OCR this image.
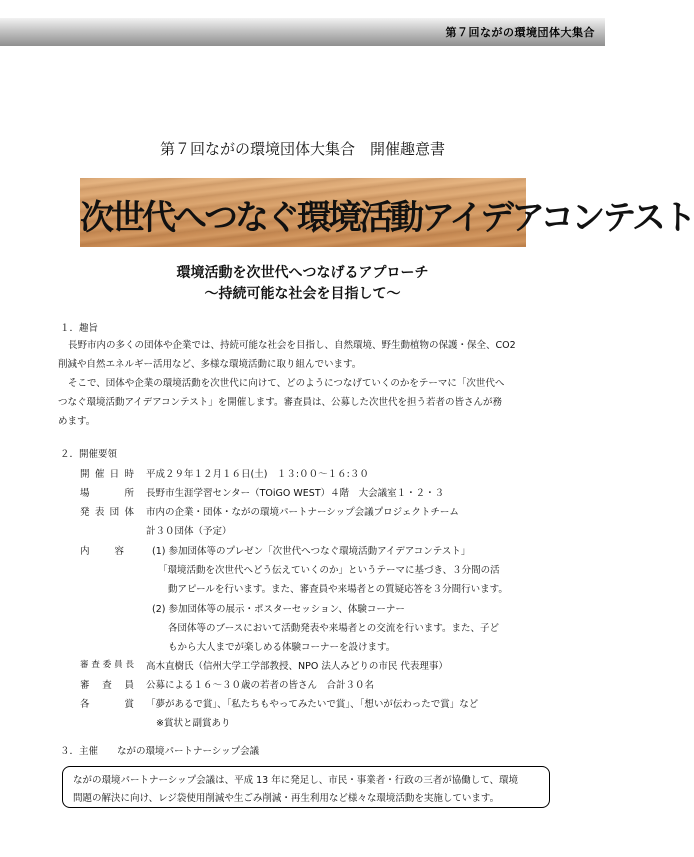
第７回ながの環境団体大集合
第７回ながの環境団体大集合　開催趣意書
次世代へつなぐ環境活動アイデアコンテスト
環境活動を次世代へつなげるアプローチ
～持続可能な社会を目指して～
１．趣旨
長野市内の多くの団体や企業では、持続可能な社会を目指し、自然環境、野生動植物の保護・保全、CO2
削減や自然エネルギー活用など、多様な環境活動に取り組んでいます。
そこで、団体や企業の環境活動を次世代に向けて、どのようにつなげていくのかをテーマに「次世代へ
つなぐ環境活動アイデアコンテスト」を開催します。審査員は、公募した次世代を担う若者の皆さんが務
めます。
２．開催要領
開 催 日 時 平成２９年１２月１６日(土)　１３:００～１６:３０
場	所 長野市生涯学習センター（TOiGO WEST）４階　大会議室１・２・３
発 表 団 体 市内の企業・団体・ながの環境パートナーシップ会議プロジェクトチーム
計３０団体（予定）
内	容	(1) 参加団体等のプレゼン「次世代へつなぐ環境活動アイデアコンテスト」
「環境活動を次世代へどう伝えていくのか」というテーマに基づき、３分間の活
動アピールを行います。また、審査員や来場者との質疑応答を３分間行います。
(2) 参加団体等の展示・ポスターセッション、体験コーナー
各団体等のブースにおいて活動発表や来場者との交流を行います。また、子ど
もから大人までが楽しめる体験コーナーを設けます。
審 査 委 員 長 高木直樹氏（信州大学工学部教授、NPO 法人みどりの市民 代表理事）
審 査 員 公募による１６～３０歳の若者の皆さん　合計３０名
各	賞 「夢があるで賞」、「私たちもやってみたいで賞」、「想いが伝わったで賞」など
※賞状と副賞あり
３．主催　　ながの環境パートナーシップ会議
ながの環境パートナーシップ会議は、平成 13 年に発足し、市民・事業者・行政の三者が協働して、環境
問題の解決に向け、レジ袋使用削減や生ごみ削減・再生利用など様々な環境活動を実施しています。
